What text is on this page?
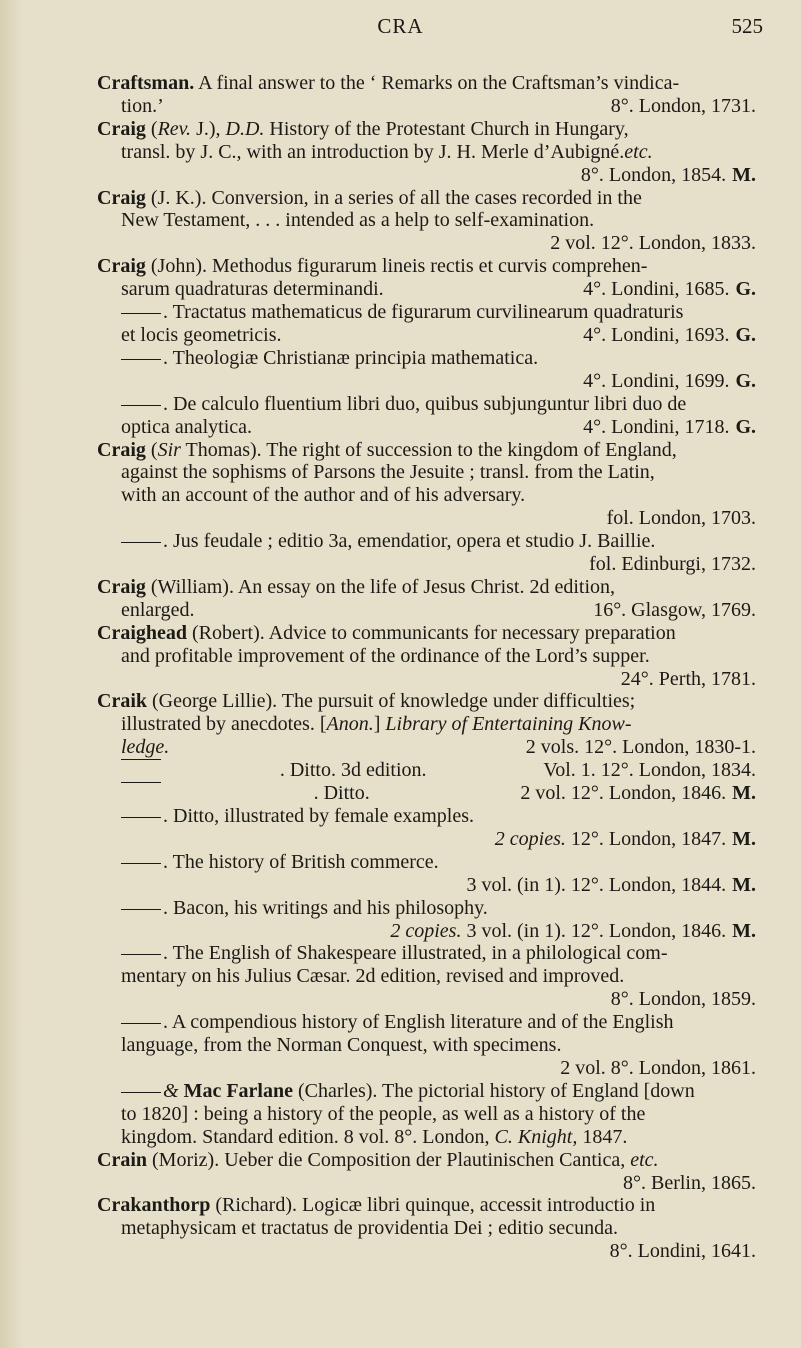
CRA	525
Craftsman. A final answer to the ‘ Remarks on the Craftsman’s vindica-
tion.’	8°. London, 1731.
Craig (Rev. J.), D.D. History of the Protestant Church in Hungary,
transl. by J. C., with an introduction by J. H. Merle d’Aubigné.etc.
8°. London, 1854. M.
Craig (J. K.). Conversion, in a series of all the cases recorded in the
New Testament, . . . intended as a help to self-examination.
2 vol. 12°. London, 1833.
Craig (John). Methodus figurarum lineis rectis et curvis comprehen-
sarum quadraturas determinandi.	4°. Londini, 1685. G.
. Tractatus mathematicus de figurarum curvilinearum quadraturis
et locis geometricis.	4°. Londini, 1693. G.
. Theologiæ Christianæ principia mathematica.
4°. Londini, 1699. G.
. De calculo fluentium libri duo, quibus subjunguntur libri duo de
optica analytica.	4°. Londini, 1718. G.
Craig (Sir Thomas). The right of succession to the kingdom of England,
against the sophisms of Parsons the Jesuite ; transl. from the Latin,
with an account of the author and of his adversary.
fol. London, 1703.
. Jus feudale ; editio 3a, emendatior, opera et studio J. Baillie.
fol. Edinburgi, 1732.
Craig (William). An essay on the life of Jesus Christ. 2d edition,
enlarged.	16°. Glasgow, 1769.
Craighead (Robert). Advice to communicants for necessary preparation
and profitable improvement of the ordinance of the Lord’s supper.
24°. Perth, 1781.
Craik (George Lillie). The pursuit of knowledge under difficulties;
illustrated by anecdotes. [Anon.] Library of Entertaining Know-
ledge.	2 vols. 12°. London, 1830-1.
. Ditto. 3d edition.	Vol. 1. 12°. London, 1834.
. Ditto.	2 vol. 12°. London, 1846. M.
. Ditto, illustrated by female examples.
2 copies. 12°. London, 1847. M.
. The history of British commerce.
3 vol. (in 1). 12°. London, 1844. M.
. Bacon, his writings and his philosophy.
2 copies. 3 vol. (in 1). 12°. London, 1846. M.
. The English of Shakespeare illustrated, in a philological com-
mentary on his Julius Cæsar. 2d edition, revised and improved.
8°. London, 1859.
. A compendious history of English literature and of the English
language, from the Norman Conquest, with specimens.
2 vol. 8°. London, 1861.
& Mac Farlane (Charles). The pictorial history of England [down
to 1820] : being a history of the people, as well as a history of the
kingdom. Standard edition. 8 vol. 8°. London, C. Knight, 1847.
Crain (Moriz). Ueber die Composition der Plautinischen Cantica, etc.
8°. Berlin, 1865.
Crakanthorp (Richard). Logicæ libri quinque, accessit introductio in
metaphysicam et tractatus de providentia Dei ; editio secunda.
8°. Londini, 1641.
